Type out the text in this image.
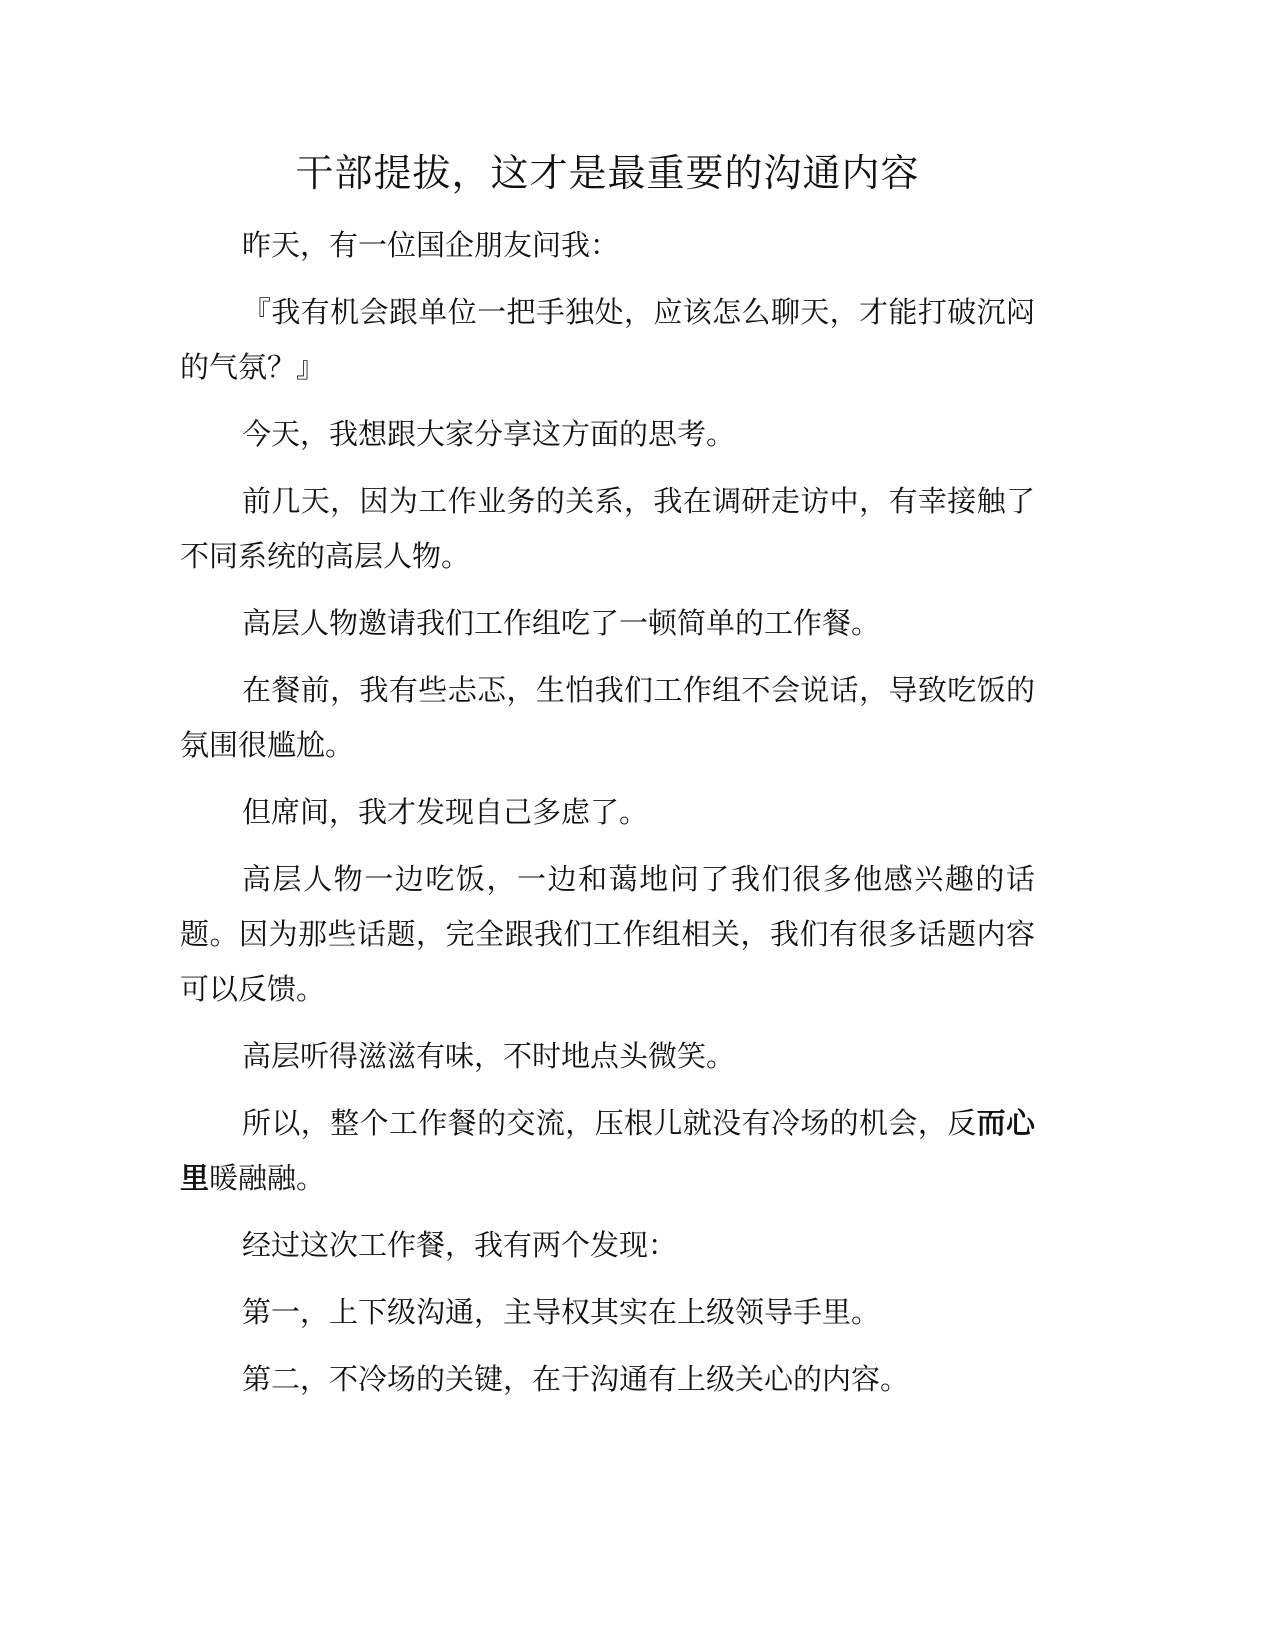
干部提拔，这才是最重要的沟通内容

昨天，有一位国企朋友问我：

『我有机会跟单位一把手独处，应该怎么聊天，才能打破沉闷的气氛？』

今天，我想跟大家分享这方面的思考。

前几天，因为工作业务的关系，我在调研走访中，有幸接触了不同系统的高层人物。

高层人物邀请我们工作组吃了一顿简单的工作餐。

在餐前，我有些忐忑，生怕我们工作组不会说话，导致吃饭的氛围很尴尬。

但席间，我才发现自己多虑了。

高层人物一边吃饭，一边和蔼地问了我们很多他感兴趣的话题。因为那些话题，完全跟我们工作组相关，我们有很多话题内容可以反馈。

高层听得滋滋有味，不时地点头微笑。

所以，整个工作餐的交流，压根儿就没有冷场的机会，反而心里暖融融。

经过这次工作餐，我有两个发现：

第一，上下级沟通，主导权其实在上级领导手里。

第二，不冷场的关键，在于沟通有上级关心的内容。
